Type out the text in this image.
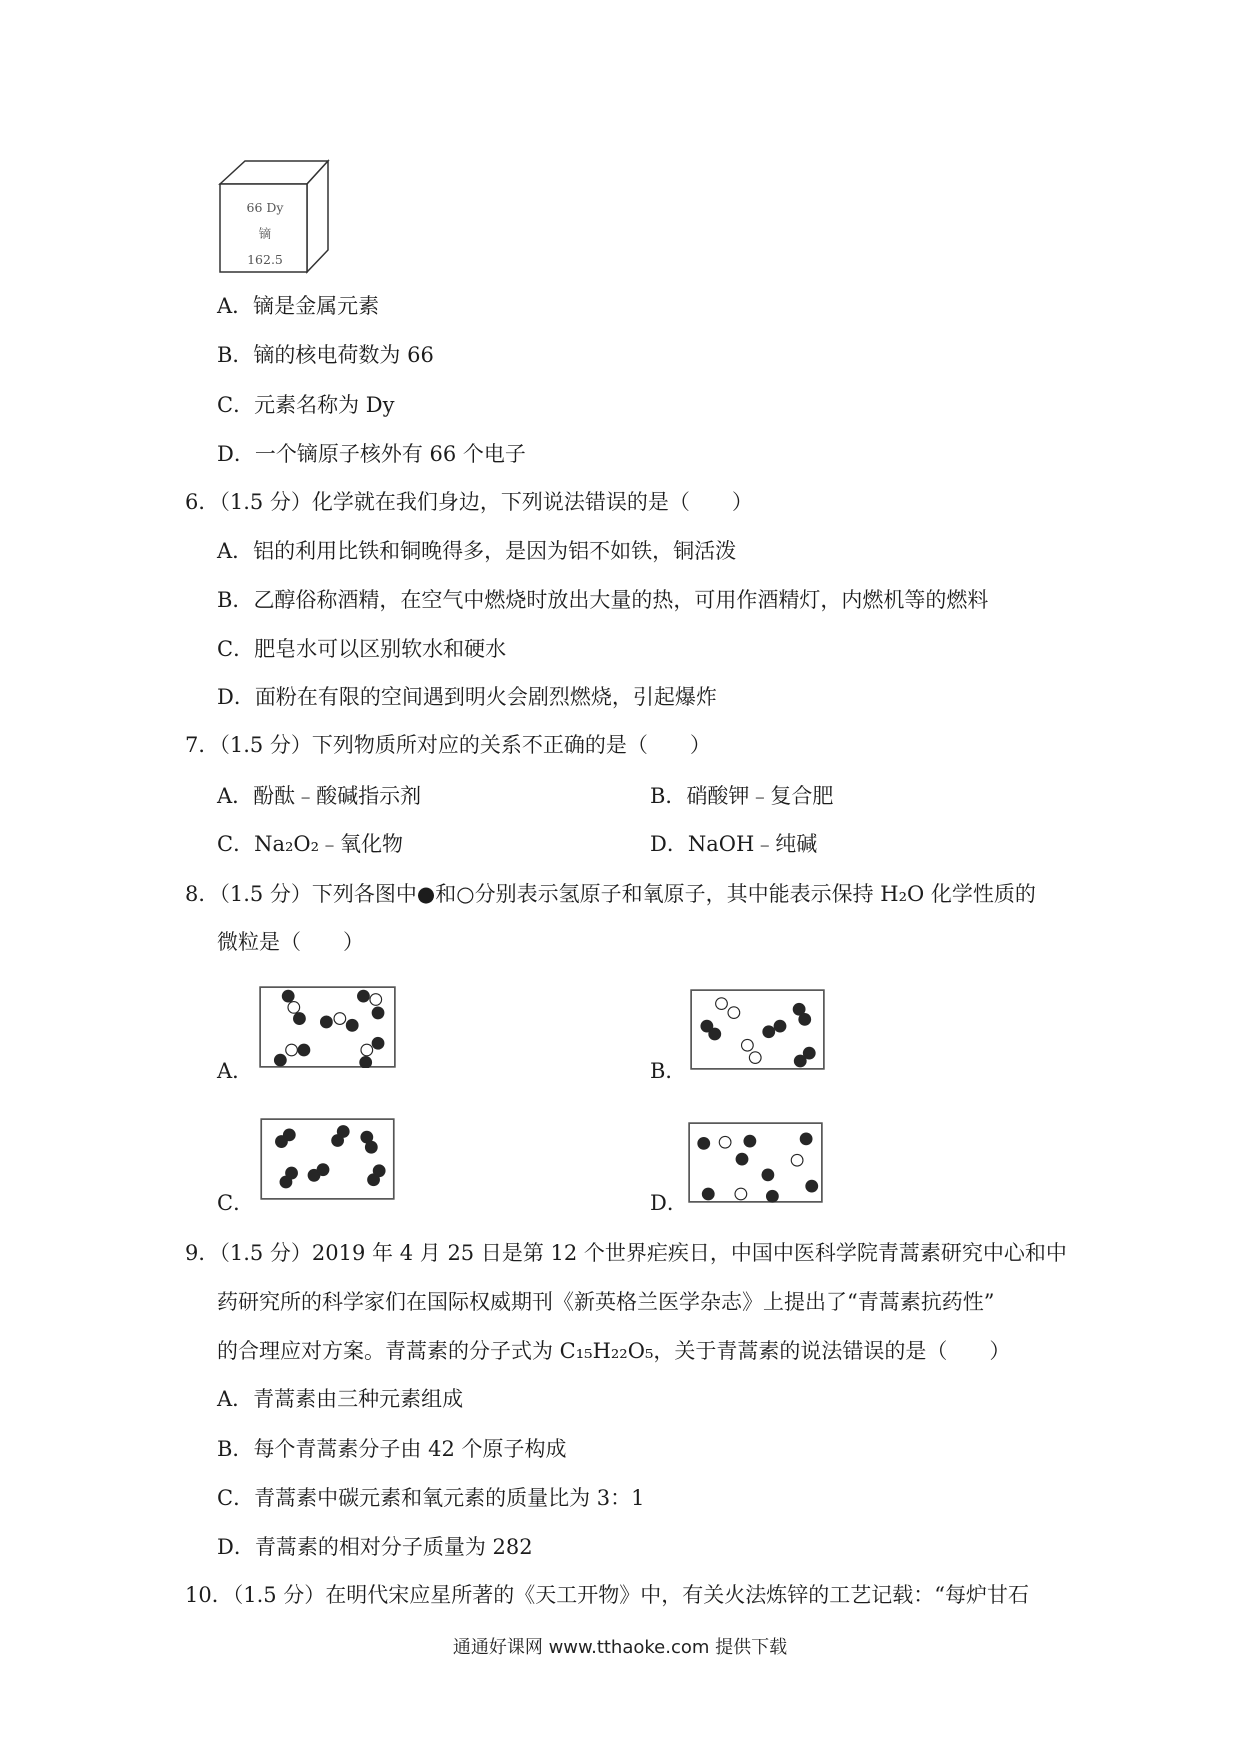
66 Dy
镝
162.5
A．镝是金属元素
B．镝的核电荷数为 66
C．元素名称为 Dy
D．一个镝原子核外有 66 个电子
6．（1.5 分）化学就在我们身边，下列说法错误的是（　　）
A．铝的利用比铁和铜晚得多，是因为铝不如铁，铜活泼
B．乙醇俗称酒精，在空气中燃烧时放出大量的热，可用作酒精灯，内燃机等的燃料
C．肥皂水可以区别软水和硬水
D．面粉在有限的空间遇到明火会剧烈燃烧，引起爆炸
7．（1.5 分）下列物质所对应的关系不正确的是（　　）
A．酚酞﹣酸碱指示剂	B．硝酸钾﹣复合肥
C．Na₂O₂﹣氧化物	D．NaOH﹣纯碱
8．（1.5 分）下列各图中●和○分别表示氢原子和氧原子，其中能表示保持 H₂O 化学性质的
微粒是（　　）
A．	B．
C．	D．
9．（1.5 分）2019 年 4 月 25 日是第 12 个世界疟疾日，中国中医科学院青蒿素研究中心和中
药研究所的科学家们在国际权威期刊《新英格兰医学杂志》上提出了“青蒿素抗药性”
的合理应对方案。青蒿素的分子式为 C₁₅H₂₂O₅，关于青蒿素的说法错误的是（　　）
A．青蒿素由三种元素组成
B．每个青蒿素分子由 42 个原子构成
C．青蒿素中碳元素和氧元素的质量比为 3：1
D．青蒿素的相对分子质量为 282
10．（1.5 分）在明代宋应星所著的《天工开物》中，有关火法炼锌的工艺记载：“每炉甘石
通通好课网 www.tthaoke.com 提供下载
